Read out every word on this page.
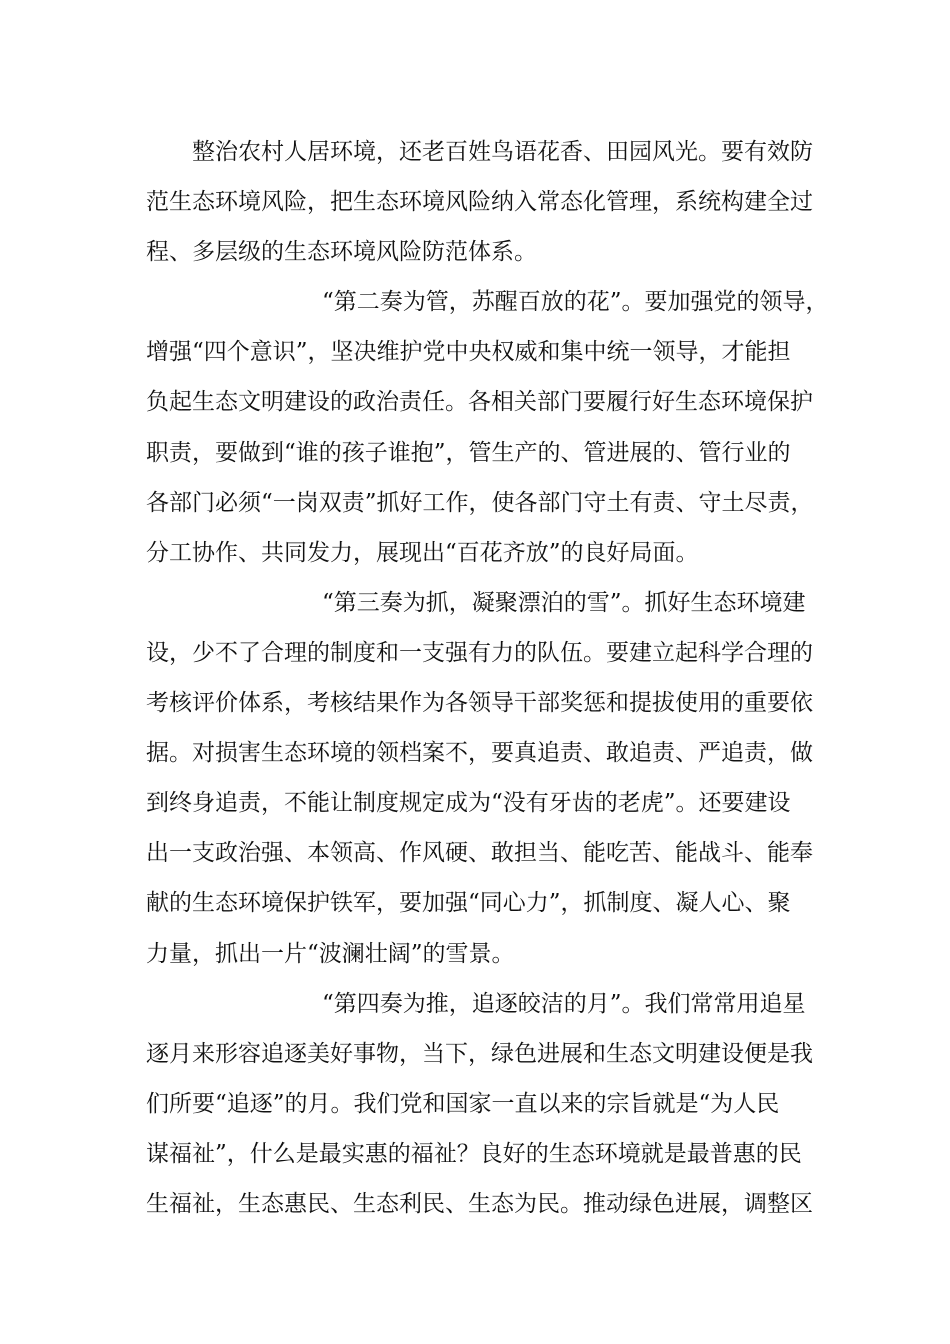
整治农村人居环境，还老百姓鸟语花香、田园风光。要有效防
范生态环境风险，把生态环境风险纳入常态化管理，系统构建全过
程、多层级的生态环境风险防范体系。
“第二奏为管，苏醒百放的花”。要加强党的领导，
增强“四个意识”，坚决维护党中央权威和集中统一领导，才能担
负起生态文明建设的政治责任。各相关部门要履行好生态环境保护
职责，要做到“谁的孩子谁抱”，管生产的、管进展的、管行业的
各部门必须“一岗双责”抓好工作，使各部门守土有责、守土尽责，
分工协作、共同发力，展现出“百花齐放”的良好局面。
“第三奏为抓，凝聚漂泊的雪”。抓好生态环境建
设，少不了合理的制度和一支强有力的队伍。要建立起科学合理的
考核评价体系，考核结果作为各领导干部奖惩和提拔使用的重要依
据。对损害生态环境的领档案不，要真追责、敢追责、严追责，做
到终身追责，不能让制度规定成为“没有牙齿的老虎”。还要建设
出一支政治强、本领高、作风硬、敢担当、能吃苦、能战斗、能奉
献的生态环境保护铁军，要加强“同心力”，抓制度、凝人心、聚
力量，抓出一片“波澜壮阔”的雪景。
“第四奏为推，追逐皎洁的月”。我们常常用追星
逐月来形容追逐美好事物，当下，绿色进展和生态文明建设便是我
们所要“追逐”的月。我们党和国家一直以来的宗旨就是“为人民
谋福祉”，什么是最实惠的福祉？良好的生态环境就是最普惠的民
生福祉，生态惠民、生态利民、生态为民。推动绿色进展，调整区
